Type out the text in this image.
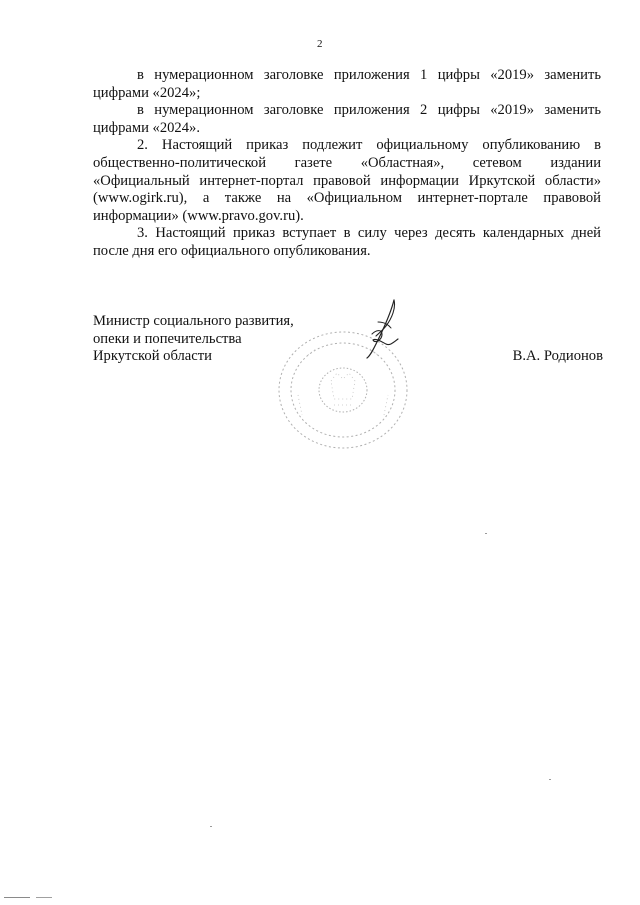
2

в нумерационном заголовке приложения 1 цифры «2019» заменить цифрами «2024»;

в нумерационном заголовке приложения 2 цифры «2019» заменить цифрами «2024».

2. Настоящий приказ подлежит официальному опубликованию в общественно-политической газете «Областная», сетевом издании «Официальный интернет-портал правовой информации Иркутской области» (www.ogirk.ru), а также на «Официальном интернет-портале правовой информации» (www.pravo.gov.ru).

3. Настоящий приказ вступает в силу через десять календарных дней после дня его официального опубликования.

Министр социального развития,
опеки и попечительства
Иркутской области	В.А. Родионов
